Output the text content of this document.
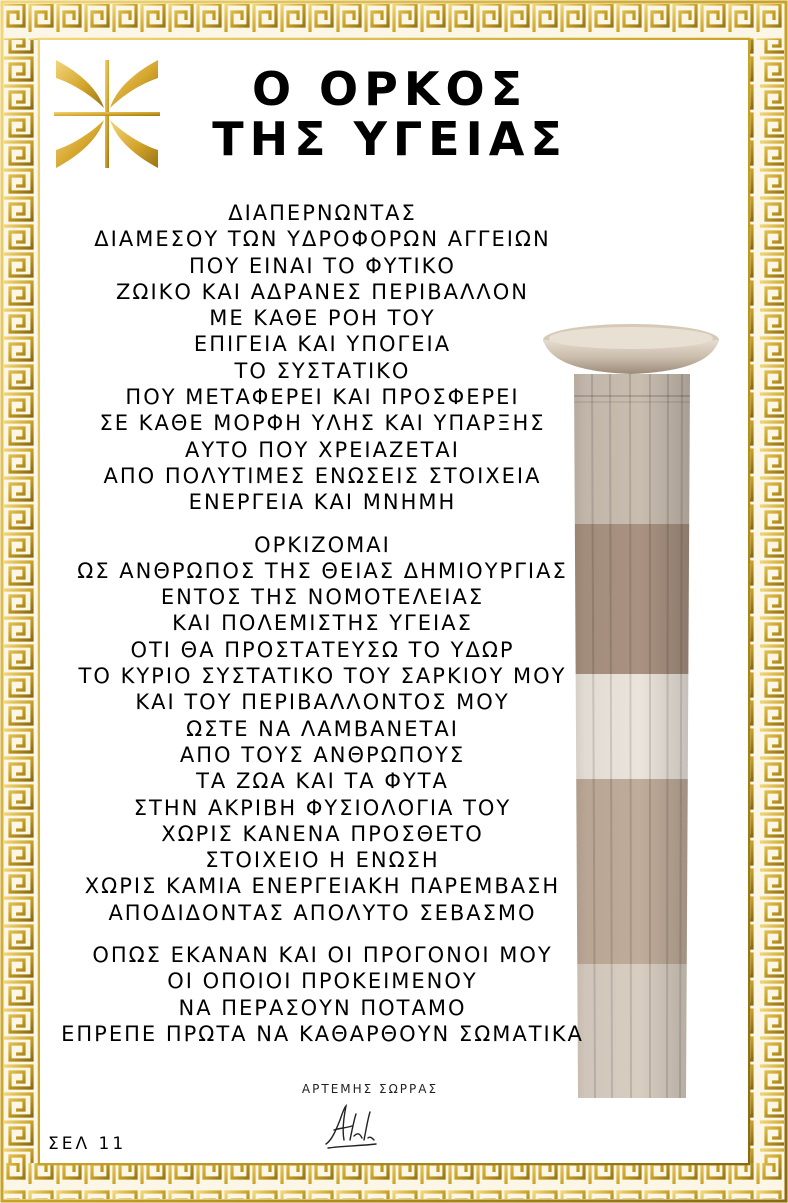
Ο ΟΡΚΟΣ
ΤΗΣ ΥΓΕΙΑΣ
ΔΙΑΠΕΡΝΩΝΤΑΣ
ΔΙΑΜΕΣΟΥ ΤΩΝ ΥΔΡΟΦΟΡΩΝ ΑΓΓΕΙΩΝ
ΠΟΥ ΕΙΝΑΙ ΤΟ ΦΥΤΙΚΟ
ΖΩΙΚΟ ΚΑΙ ΑΔΡΑΝΕΣ ΠΕΡΙΒΑΛΛΟΝ
ΜΕ ΚΑΘΕ ΡΟΗ ΤΟΥ
ΕΠΙΓΕΙΑ ΚΑΙ ΥΠΟΓΕΙΑ
ΤΟ ΣΥΣΤΑΤΙΚΟ
ΠΟΥ ΜΕΤΑΦΕΡΕΙ ΚΑΙ ΠΡΟΣΦΕΡΕΙ
ΣΕ ΚΑΘΕ ΜΟΡΦΗ ΥΛΗΣ ΚΑΙ ΥΠΑΡΞΗΣ
ΑΥΤΟ ΠΟΥ ΧΡΕΙΑΖΕΤΑΙ
ΑΠΟ ΠΟΛΥΤΙΜΕΣ ΕΝΩΣΕΙΣ ΣΤΟΙΧΕΙΑ
ΕΝΕΡΓΕΙΑ ΚΑΙ ΜΝΗΜΗ
ΟΡΚΙΖΟΜΑΙ
ΩΣ ΑΝΘΡΩΠΟΣ ΤΗΣ ΘΕΙΑΣ ΔΗΜΙΟΥΡΓΙΑΣ
ΕΝΤΟΣ ΤΗΣ ΝΟΜΟΤΕΛΕΙΑΣ
ΚΑΙ ΠΟΛΕΜΙΣΤΗΣ ΥΓΕΙΑΣ
ΟΤΙ ΘΑ ΠΡΟΣΤΑΤΕΥΣΩ ΤΟ ΥΔΩΡ
ΤΟ ΚΥΡΙΟ ΣΥΣΤΑΤΙΚΟ ΤΟΥ ΣΑΡΚΙΟΥ ΜΟΥ
ΚΑΙ ΤΟΥ ΠΕΡΙΒΑΛΛΟΝΤΟΣ ΜΟΥ
ΩΣΤΕ ΝΑ ΛΑΜΒΑΝΕΤΑΙ
ΑΠΟ ΤΟΥΣ ΑΝΘΡΩΠΟΥΣ
ΤΑ ΖΩΑ ΚΑΙ ΤΑ ΦΥΤΑ
ΣΤΗΝ ΑΚΡΙΒΗ ΦΥΣΙΟΛΟΓΙΑ ΤΟΥ
ΧΩΡΙΣ ΚΑΝΕΝΑ ΠΡΟΣΘΕΤΟ
ΣΤΟΙΧΕΙΟ Η ΕΝΩΣΗ
ΧΩΡΙΣ ΚΑΜΙΑ ΕΝΕΡΓΕΙΑΚΗ ΠΑΡΕΜΒΑΣΗ
ΑΠΟΔΙΔΟΝΤΑΣ ΑΠΟΛΥΤΟ ΣΕΒΑΣΜΟ
ΟΠΩΣ ΕΚΑΝΑΝ ΚΑΙ ΟΙ ΠΡΟΓΟΝΟΙ ΜΟΥ
ΟΙ ΟΠΟΙΟΙ ΠΡΟΚΕΙΜΕΝΟΥ
ΝΑ ΠΕΡΑΣΟΥΝ ΠΟΤΑΜΟ
ΕΠΡΕΠΕ ΠΡΩΤΑ ΝΑ ΚΑΘΑΡΘΟΥΝ ΣΩΜΑΤΙΚΑ
ΑΡΤΕΜΗΣ ΣΩΡΡΑΣ
ΣΕΛ 11
